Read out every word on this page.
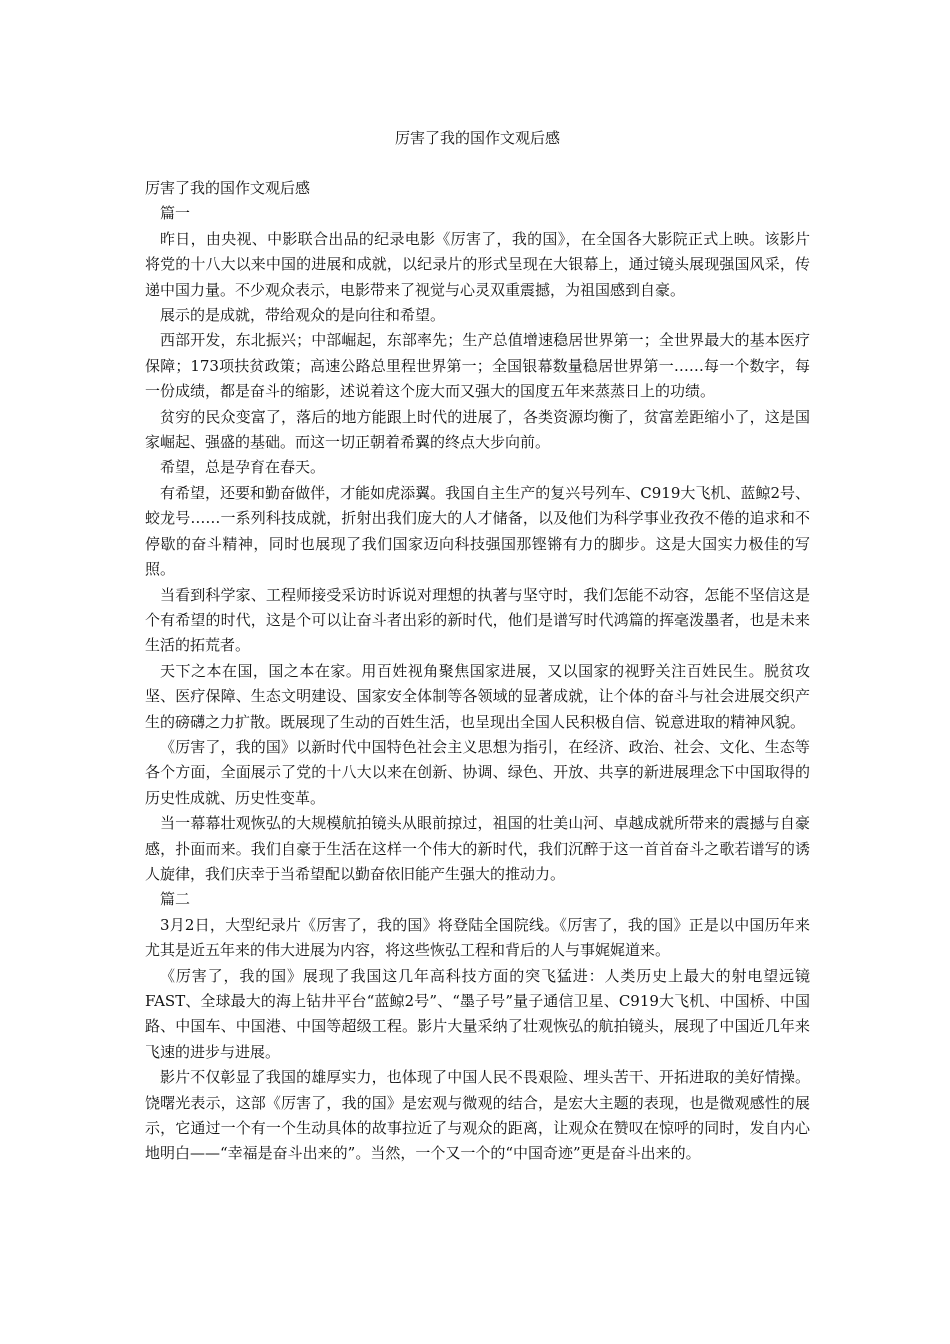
厉害了我的国作文观后感

厉害了我的国作文观后感

篇一

昨日，由央视、中影联合出品的纪录电影《厉害了，我的国》，在全国各大影院正式上映。该影片将党的十八大以来中国的进展和成就，以纪录片的形式呈现在大银幕上，通过镜头展现强国风采，传递中国力量。不少观众表示，电影带来了视觉与心灵双重震撼，为祖国感到自豪。

展示的是成就，带给观众的是向往和希望。

西部开发，东北振兴；中部崛起，东部率先；生产总值增速稳居世界第一；全世界最大的基本医疗保障；173项扶贫政策；高速公路总里程世界第一；全国银幕数量稳居世界第一……每一个数字，每一份成绩，都是奋斗的缩影，述说着这个庞大而又强大的国度五年来蒸蒸日上的功绩。

贫穷的民众变富了，落后的地方能跟上时代的进展了，各类资源均衡了，贫富差距缩小了，这是国家崛起、强盛的基础。而这一切正朝着希翼的终点大步向前。

希望，总是孕育在春天。

有希望，还要和勤奋做伴，才能如虎添翼。我国自主生产的复兴号列车、C919大飞机、蓝鲸2号、蛟龙号……一系列科技成就，折射出我们庞大的人才储备，以及他们为科学事业孜孜不倦的追求和不停歇的奋斗精神，同时也展现了我们国家迈向科技强国那铿锵有力的脚步。这是大国实力极佳的写照。

当看到科学家、工程师接受采访时诉说对理想的执著与坚守时，我们怎能不动容，怎能不坚信这是个有希望的时代，这是个可以让奋斗者出彩的新时代，他们是谱写时代鸿篇的挥毫泼墨者，也是未来生活的拓荒者。

天下之本在国，国之本在家。用百姓视角聚焦国家进展，又以国家的视野关注百姓民生。脱贫攻坚、医疗保障、生态文明建设、国家安全体制等各领域的显著成就，让个体的奋斗与社会进展交织产生的磅礴之力扩散。既展现了生动的百姓生活，也呈现出全国人民积极自信、锐意进取的精神风貌。

《厉害了，我的国》以新时代中国特色社会主义思想为指引，在经济、政治、社会、文化、生态等各个方面，全面展示了党的十八大以来在创新、协调、绿色、开放、共享的新进展理念下中国取得的历史性成就、历史性变革。

当一幕幕壮观恢弘的大规模航拍镜头从眼前掠过，祖国的壮美山河、卓越成就所带来的震撼与自豪感，扑面而来。我们自豪于生活在这样一个伟大的新时代，我们沉醉于这一首首奋斗之歌若谱写的诱人旋律，我们庆幸于当希望配以勤奋依旧能产生强大的推动力。

篇二

3月2日，大型纪录片《厉害了，我的国》将登陆全国院线。《厉害了，我的国》正是以中国历年来尤其是近五年来的伟大进展为内容，将这些恢弘工程和背后的人与事娓娓道来。

《厉害了，我的国》展现了我国这几年高科技方面的突飞猛进：人类历史上最大的射电望远镜FAST、全球最大的海上钻井平台“蓝鲸2号”、“墨子号”量子通信卫星、C919大飞机、中国桥、中国路、中国车、中国港、中国等超级工程。影片大量采纳了壮观恢弘的航拍镜头，展现了中国近几年来飞速的进步与进展。

影片不仅彰显了我国的雄厚实力，也体现了中国人民不畏艰险、埋头苦干、开拓进取的美好情操。饶曙光表示，这部《厉害了，我的国》是宏观与微观的结合，是宏大主题的表现，也是微观感性的展示，它通过一个有一个生动具体的故事拉近了与观众的距离，让观众在赞叹在惊呼的同时，发自内心地明白——“幸福是奋斗出来的”。当然，一个又一个的“中国奇迹”更是奋斗出来的。
